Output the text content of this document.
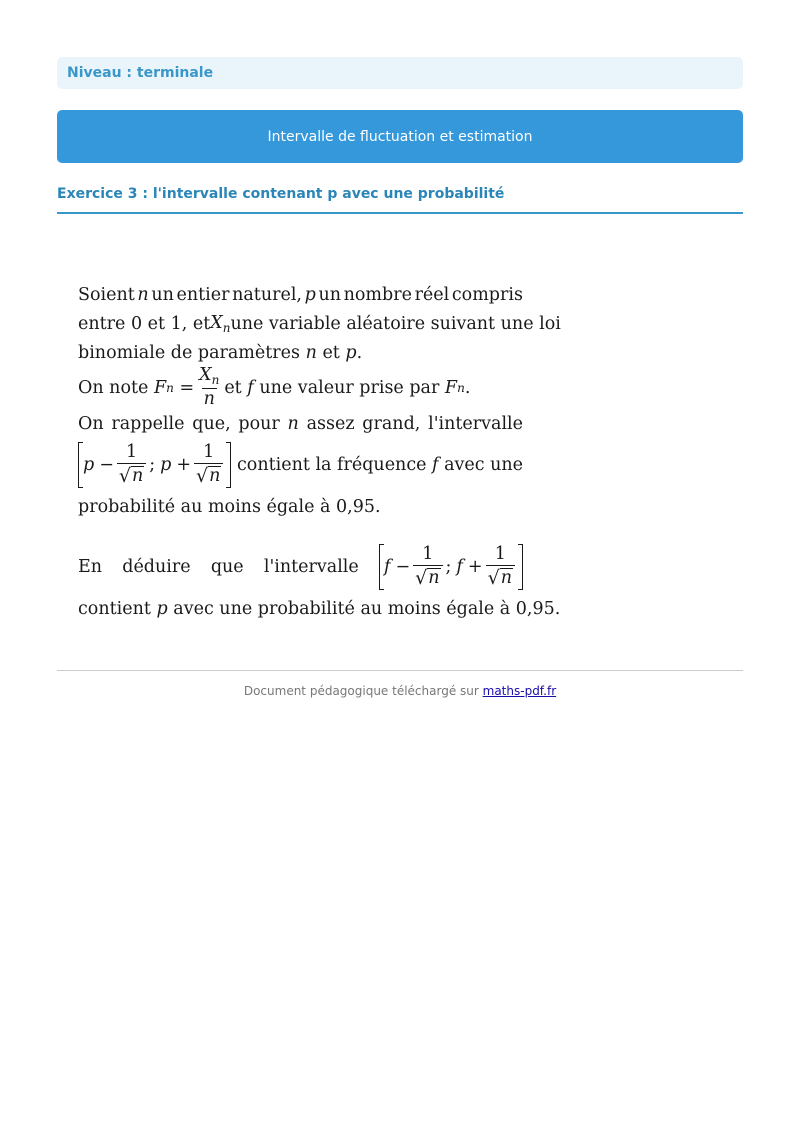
Niveau : terminale
Intervalle de fluctuation et estimation
Exercice 3 : l'intervalle contenant p avec une probabilité
Soient n un entier naturel, p un nombre réel compris
entre 0 et 1, et $X_n$ une variable aléatoire suivant une loi
binomiale de paramètres
n
et
p .
On note
F n
= $\frac{X_n}{n}$ et
f
une valeur prise par
F n .
On rappelle que, pour n assez grand, l'intervalle
$p - \frac{1}{√ n}$ ; $p + \frac{1}{√ n}$ contient la fréquence f avec une
probabilité au moins égale à 0,95.
En déduire que l'intervalle $f - \frac{1}{√ n}$ ; $f + \frac{1}{√ n}$
contient
p
avec une probabilité au moins égale à 0,95.
Document pédagogique téléchargé sur maths-pdf.fr
